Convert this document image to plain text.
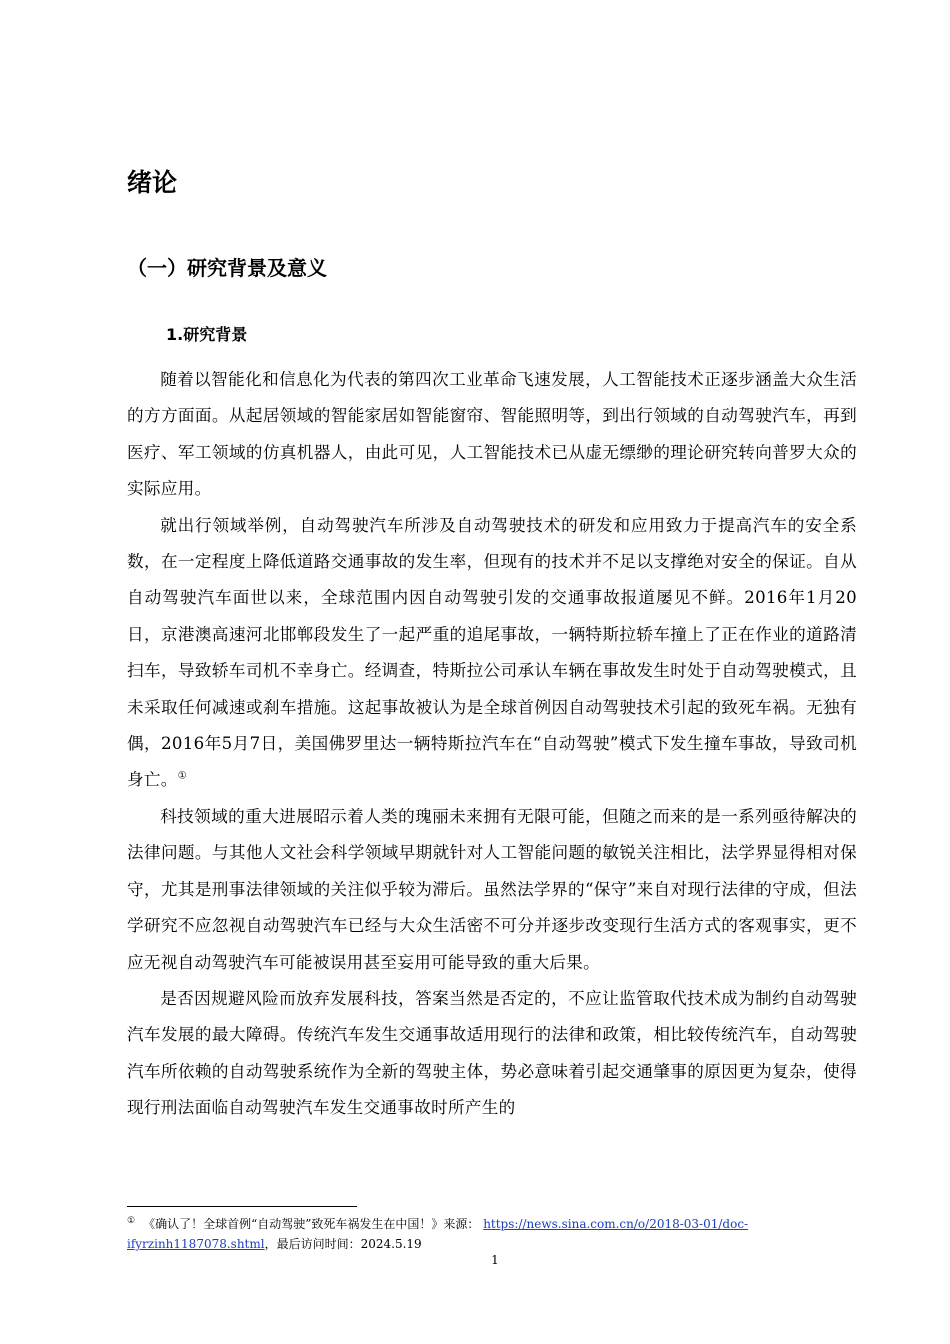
绪论
（一）研究背景及意义
1.研究背景

随着以智能化和信息化为代表的第四次工业革命飞速发展，人工智能技术正逐步涵盖大众生活的方方面面。从起居领域的智能家居如智能窗帘、智能照明等，到出行领域的自动驾驶汽车，再到医疗、军工领域的仿真机器人，由此可见，人工智能技术已从虚无缥缈的理论研究转向普罗大众的实际应用。

就出行领域举例，自动驾驶汽车所涉及自动驾驶技术的研发和应用致力于提高汽车的安全系数，在一定程度上降低道路交通事故的发生率，但现有的技术并不足以支撑绝对安全的保证。自从自动驾驶汽车面世以来，全球范围内因自动驾驶引发的交通事故报道屡见不鲜。2016年1月20日，京港澳高速河北邯郸段发生了一起严重的追尾事故，一辆特斯拉轿车撞上了正在作业的道路清扫车，导致轿车司机不幸身亡。经调查，特斯拉公司承认车辆在事故发生时处于自动驾驶模式，且未采取任何减速或刹车措施。这起事故被认为是全球首例因自动驾驶技术引起的致死车祸。无独有偶，2016年5月7日，美国佛罗里达一辆特斯拉汽车在“自动驾驶”模式下发生撞车事故，导致司机身亡。①

科技领域的重大进展昭示着人类的瑰丽未来拥有无限可能，但随之而来的是一系列亟待解决的法律问题。与其他人文社会科学领域早期就针对人工智能问题的敏锐关注相比，法学界显得相对保守，尤其是刑事法律领域的关注似乎较为滞后。虽然法学界的“保守”来自对现行法律的守成，但法学研究不应忽视自动驾驶汽车已经与大众生活密不可分并逐步改变现行生活方式的客观事实，更不应无视自动驾驶汽车可能被误用甚至妄用可能导致的重大后果。

是否因规避风险而放弃发展科技，答案当然是否定的，不应让监管取代技术成为制约自动驾驶汽车发展的最大障碍。传统汽车发生交通事故适用现行的法律和政策，相比较传统汽车，自动驾驶汽车所依赖的自动驾驶系统作为全新的驾驶主体，势必意味着引起交通肇事的原因更为复杂，使得现行刑法面临自动驾驶汽车发生交通事故时所产生的

① 《确认了！全球首例“自动驾驶”致死车祸发生在中国！》来源： https://news.sina.com.cn/o/2018-03-01/doc-ifyrzinh1187078.shtml，最后访问时间：2024.5.19
1
